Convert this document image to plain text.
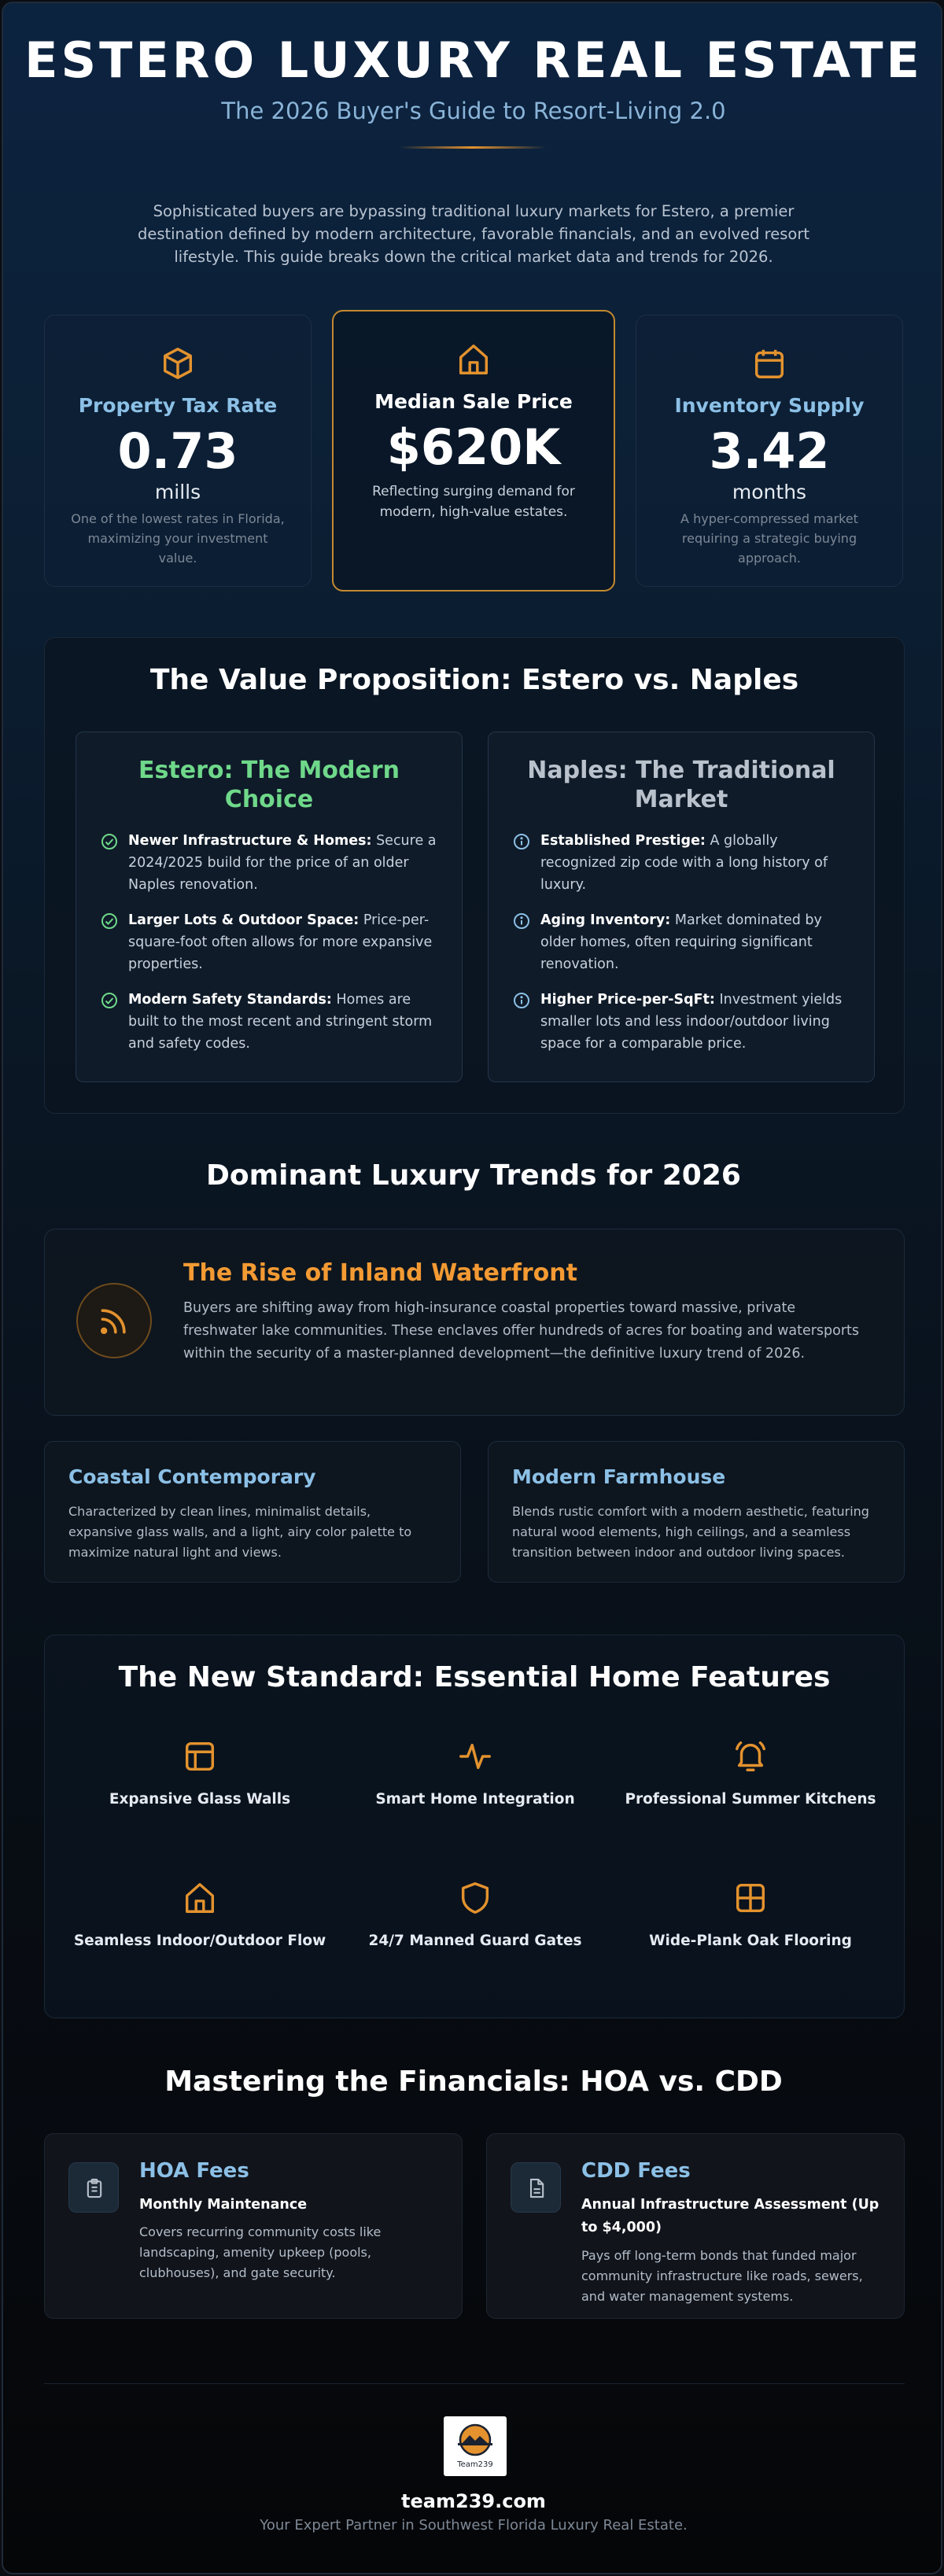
ESTERO LUXURY REAL ESTATE
The 2026 Buyer's Guide to Resort-Living 2.0
Sophisticated buyers are bypassing traditional luxury markets for Estero, a premier destination defined by modern architecture, favorable financials, and an evolved resort lifestyle. This guide breaks down the critical market data and trends for 2026.
Property Tax Rate
0.73
mills
One of the lowest rates in Florida, maximizing your investment value.
Median Sale Price
$620K
Reflecting surging demand for modern, high-value estates.
Inventory Supply
3.42
months
A hyper-compressed market requiring a strategic buying approach.
The Value Proposition: Estero vs. Naples
Estero: The Modern Choice
Newer Infrastructure & Homes: Secure a 2024/2025 build for the price of an older Naples renovation.
Larger Lots & Outdoor Space: Price-per-square-foot often allows for more expansive properties.
Modern Safety Standards: Homes are built to the most recent and stringent storm and safety codes.
Naples: The Traditional Market
Established Prestige: A globally recognized zip code with a long history of luxury.
Aging Inventory: Market dominated by older homes, often requiring significant renovation.
Higher Price-per-SqFt: Investment yields smaller lots and less indoor/outdoor living space for a comparable price.
Dominant Luxury Trends for 2026
The Rise of Inland Waterfront
Buyers are shifting away from high-insurance coastal properties toward massive, private freshwater lake communities. These enclaves offer hundreds of acres for boating and watersports within the security of a master-planned development—the definitive luxury trend of 2026.
Coastal Contemporary
Characterized by clean lines, minimalist details, expansive glass walls, and a light, airy color palette to maximize natural light and views.
Modern Farmhouse
Blends rustic comfort with a modern aesthetic, featuring natural wood elements, high ceilings, and a seamless transition between indoor and outdoor living spaces.
The New Standard: Essential Home Features
Expansive Glass Walls	Smart Home Integration	Professional Summer Kitchens
Seamless Indoor/Outdoor Flow	24/7 Manned Guard Gates	Wide-Plank Oak Flooring
Mastering the Financials: HOA vs. CDD
HOA Fees
Monthly Maintenance
Covers recurring community costs like landscaping, amenity upkeep (pools, clubhouses), and gate security.
CDD Fees
Annual Infrastructure Assessment (Up to $4,000)
Pays off long-term bonds that funded major community infrastructure like roads, sewers, and water management systems.
Team239
team239.com
Your Expert Partner in Southwest Florida Luxury Real Estate.
